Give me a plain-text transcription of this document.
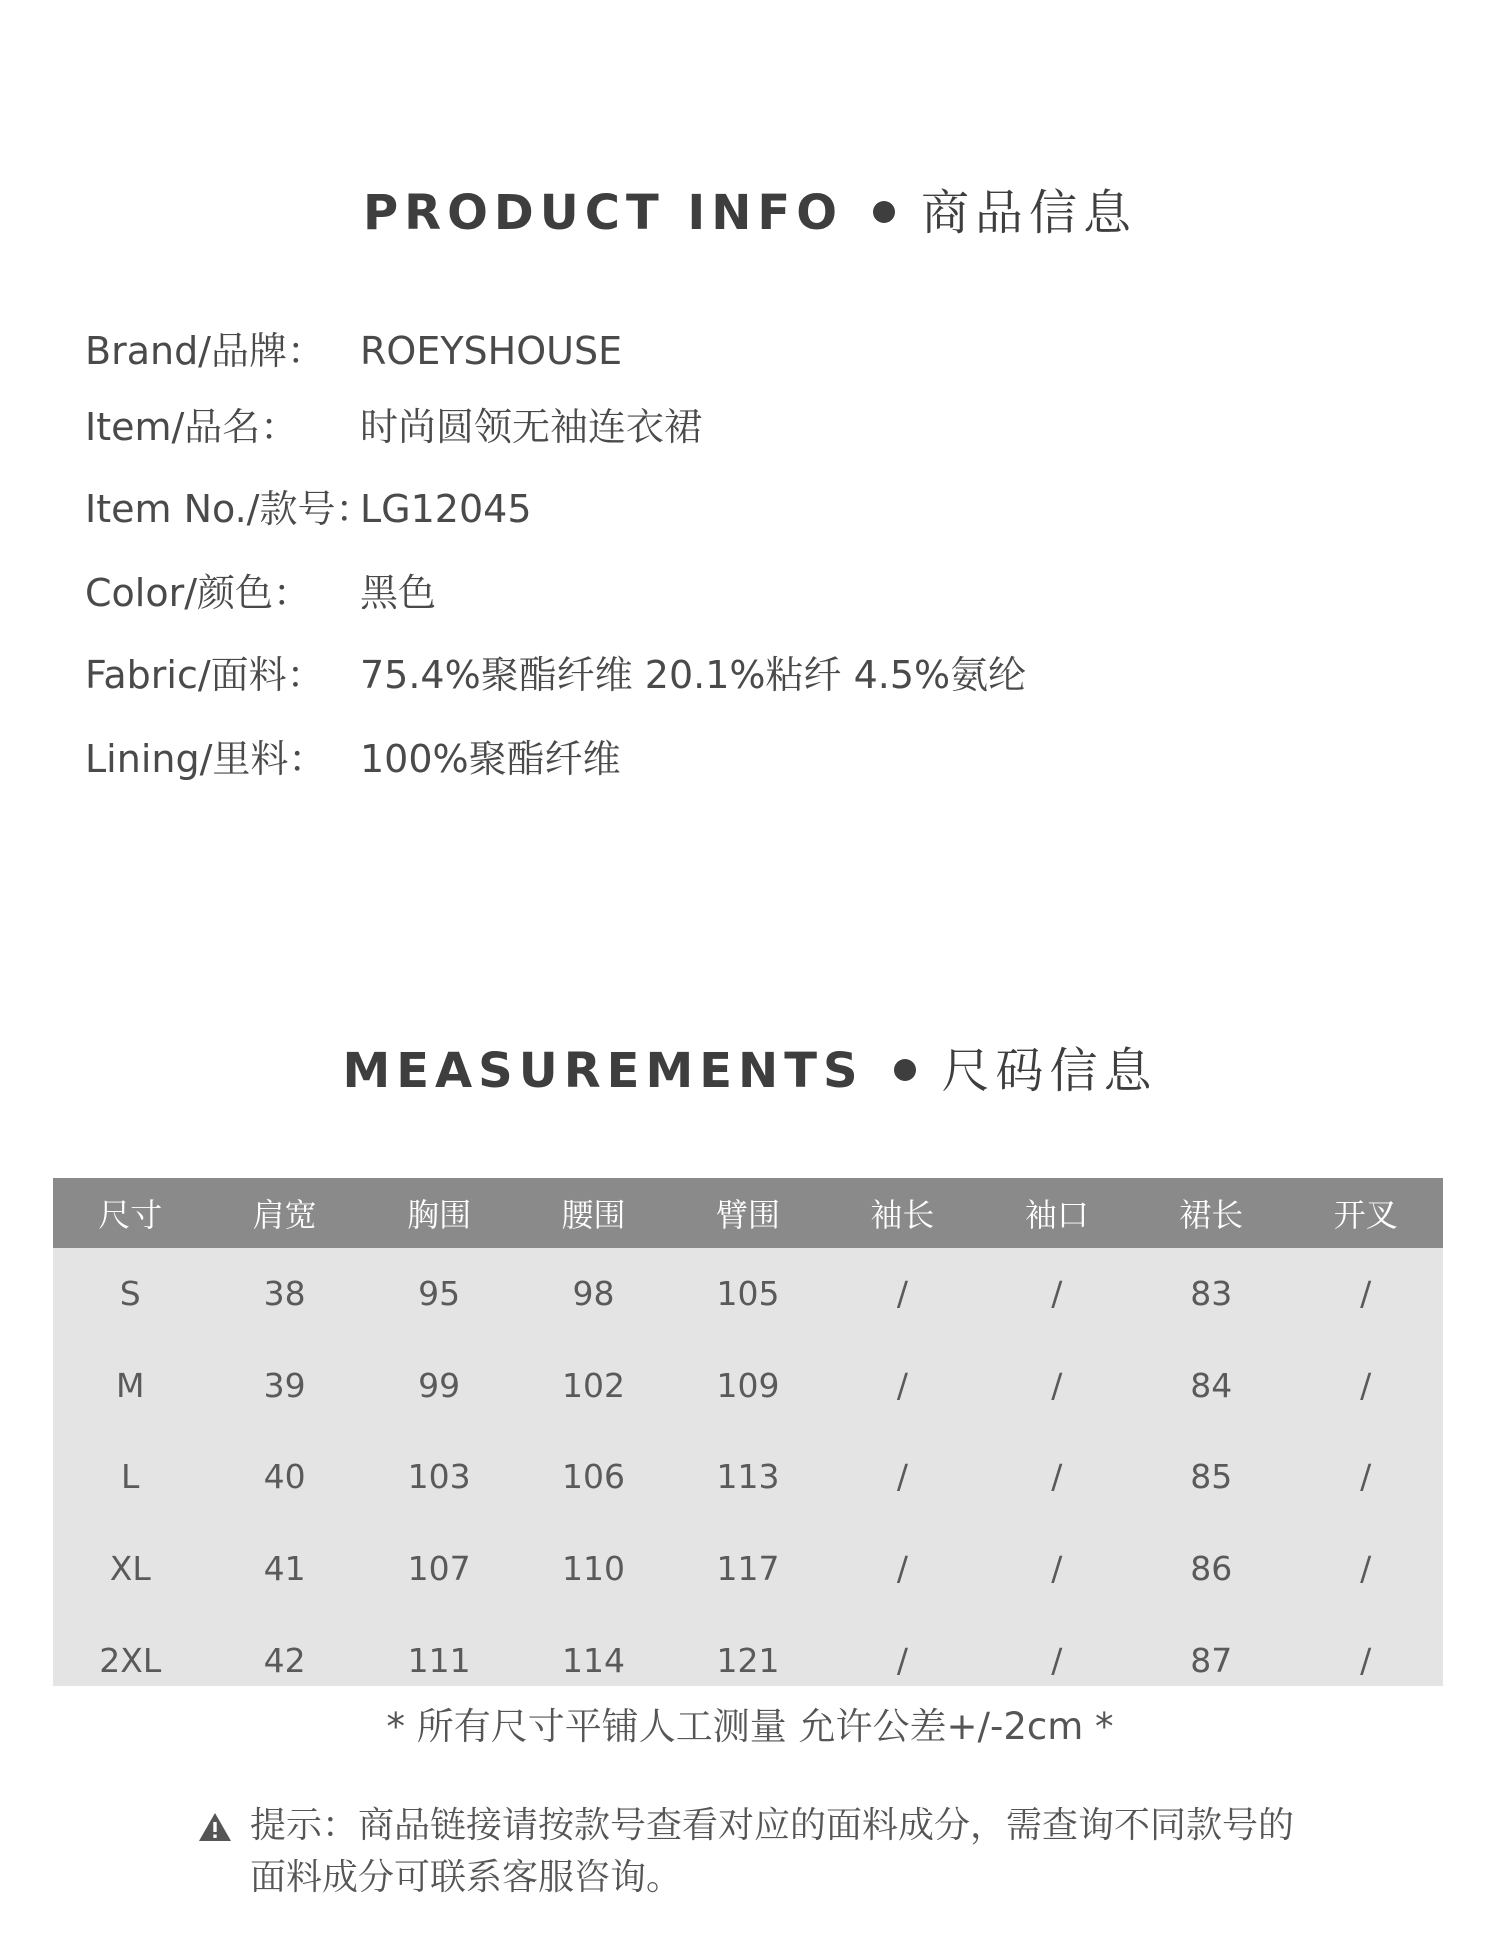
PRODUCT INFO 商品信息
Brand/品牌： ROEYSHOUSE
Item/品名： 时尚圆领无袖连衣裙
Item No./款号：LG12045
Color/颜色： 黑色
Fabric/面料： 75.4%聚酯纤维 20.1%粘纤 4.5%氨纶
Lining/里料： 100%聚酯纤维
MEASUREMENTS 尺码信息
尺寸	肩宽	胸围	腰围	臂围	袖长	袖口	裙长	开叉
S	38	95	98	105	/	/	83	/
M	39	99	102	109	/	/	84	/
L	40	103	106	113	/	/	85	/
XL	41	107	110	117	/	/	86	/
2XL	42	111	114	121	/	/	87	/
* 所有尺寸平铺人工测量 允许公差+/-2cm *
提示：商品链接请按款号查看对应的面料成分，需查询不同款号的
面料成分可联系客服咨询。
